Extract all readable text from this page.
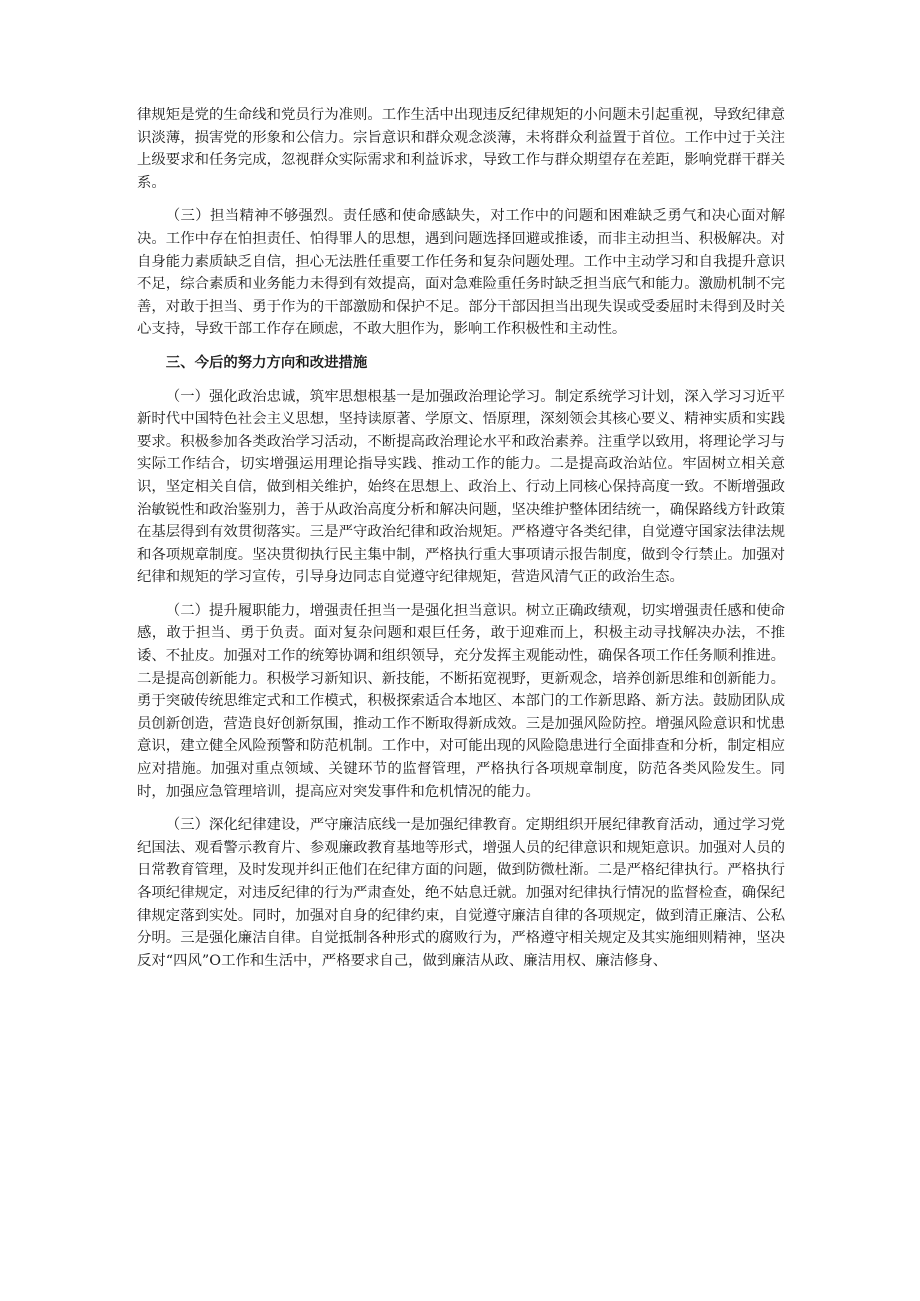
律规矩是党的生命线和党员行为准则。工作生活中出现违反纪律规矩的小问题未引起重视，导致纪律意识淡薄，损害党的形象和公信力。宗旨意识和群众观念淡薄，未将群众利益置于首位。工作中过于关注上级要求和任务完成，忽视群众实际需求和利益诉求，导致工作与群众期望存在差距，影响党群干群关系。

（三）担当精神不够强烈。责任感和使命感缺失，对工作中的问题和困难缺乏勇气和决心面对解决。工作中存在怕担责任、怕得罪人的思想，遇到问题选择回避或推诿，而非主动担当、积极解决。对自身能力素质缺乏自信，担心无法胜任重要工作任务和复杂问题处理。工作中主动学习和自我提升意识不足，综合素质和业务能力未得到有效提高，面对急难险重任务时缺乏担当底气和能力。激励机制不完善，对敢于担当、勇于作为的干部激励和保护不足。部分干部因担当出现失误或受委屈时未得到及时关心支持，导致干部工作存在顾虑，不敢大胆作为，影响工作积极性和主动性。

三、今后的努力方向和改进措施

（一）强化政治忠诚，筑牢思想根基一是加强政治理论学习。制定系统学习计划，深入学习习近平新时代中国特色社会主义思想，坚持读原著、学原文、悟原理，深刻领会其核心要义、精神实质和实践要求。积极参加各类政治学习活动，不断提高政治理论水平和政治素养。注重学以致用，将理论学习与实际工作结合，切实增强运用理论指导实践、推动工作的能力。二是提高政治站位。牢固树立相关意识，坚定相关自信，做到相关维护，始终在思想上、政治上、行动上同核心保持高度一致。不断增强政治敏锐性和政治鉴别力，善于从政治高度分析和解决问题，坚决维护整体团结统一，确保路线方针政策在基层得到有效贯彻落实。三是严守政治纪律和政治规矩。严格遵守各类纪律，自觉遵守国家法律法规和各项规章制度。坚决贯彻执行民主集中制，严格执行重大事项请示报告制度，做到令行禁止。加强对纪律和规矩的学习宣传，引导身边同志自觉遵守纪律规矩，营造风清气正的政治生态。

（二）提升履职能力，增强责任担当一是强化担当意识。树立正确政绩观，切实增强责任感和使命感，敢于担当、勇于负责。面对复杂问题和艰巨任务，敢于迎难而上，积极主动寻找解决办法，不推诿、不扯皮。加强对工作的统筹协调和组织领导，充分发挥主观能动性，确保各项工作任务顺利推进。二是提高创新能力。积极学习新知识、新技能，不断拓宽视野，更新观念，培养创新思维和创新能力。勇于突破传统思维定式和工作模式，积极探索适合本地区、本部门的工作新思路、新方法。鼓励团队成员创新创造，营造良好创新氛围，推动工作不断取得新成效。三是加强风险防控。增强风险意识和忧患意识，建立健全风险预警和防范机制。工作中，对可能出现的风险隐患进行全面排查和分析，制定相应应对措施。加强对重点领域、关键环节的监督管理，严格执行各项规章制度，防范各类风险发生。同时，加强应急管理培训，提高应对突发事件和危机情况的能力。

（三）深化纪律建设，严守廉洁底线一是加强纪律教育。定期组织开展纪律教育活动，通过学习党纪国法、观看警示教育片、参观廉政教育基地等形式，增强人员的纪律意识和规矩意识。加强对人员的日常教育管理，及时发现并纠正他们在纪律方面的问题，做到防微杜渐。二是严格纪律执行。严格执行各项纪律规定，对违反纪律的行为严肃查处，绝不姑息迁就。加强对纪律执行情况的监督检查，确保纪律规定落到实处。同时，加强对自身的纪律约束，自觉遵守廉洁自律的各项规定，做到清正廉洁、公私分明。三是强化廉洁自律。自觉抵制各种形式的腐败行为，严格遵守相关规定及其实施细则精神，坚决反对“四风”O工作和生活中，严格要求自己，做到廉洁从政、廉洁用权、廉洁修身、
